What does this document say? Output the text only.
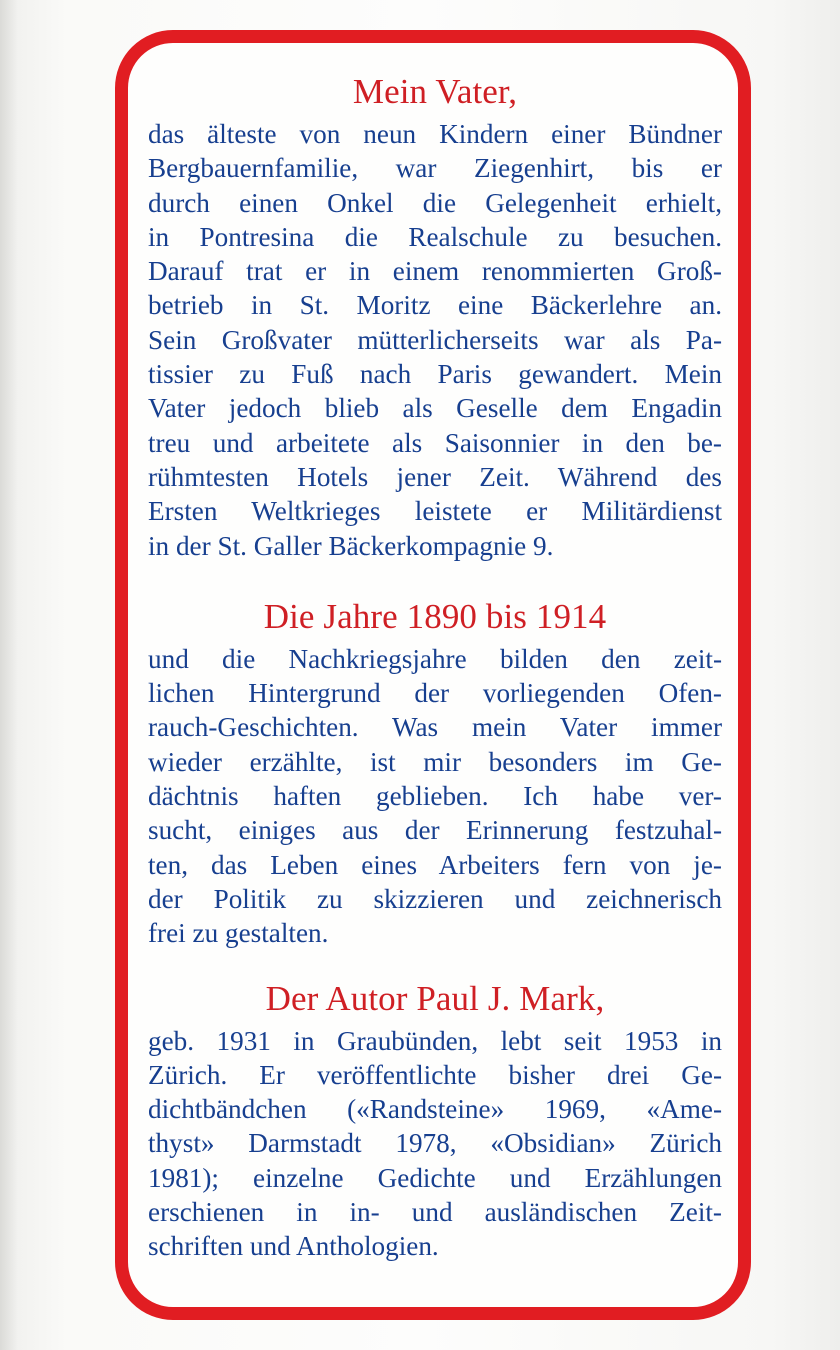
Mein Vater,
das älteste von neun Kindern einer Bündner
Bergbauernfamilie, war Ziegenhirt, bis er
durch einen Onkel die Gelegenheit erhielt,
in Pontresina die Realschule zu besuchen.
Darauf trat er in einem renommierten Groß-
betrieb in St. Moritz eine Bäckerlehre an.
Sein Großvater mütterlicherseits war als Pa-
tissier zu Fuß nach Paris gewandert. Mein
Vater jedoch blieb als Geselle dem Engadin
treu und arbeitete als Saisonnier in den be-
rühmtesten Hotels jener Zeit. Während des
Ersten Weltkrieges leistete er Militärdienst
in der St. Galler Bäckerkompagnie 9.
Die Jahre 1890 bis 1914
und die Nachkriegsjahre bilden den zeit-
lichen Hintergrund der vorliegenden Ofen-
rauch-Geschichten. Was mein Vater immer
wieder erzählte, ist mir besonders im Ge-
dächtnis haften geblieben. Ich habe ver-
sucht, einiges aus der Erinnerung festzuhal-
ten, das Leben eines Arbeiters fern von je-
der Politik zu skizzieren und zeichnerisch
frei zu gestalten.
Der Autor Paul J. Mark,
geb. 1931 in Graubünden, lebt seit 1953 in
Zürich. Er veröffentlichte bisher drei Ge-
dichtbändchen («Randsteine» 1969, «Ame-
thyst» Darmstadt 1978, «Obsidian» Zürich
1981); einzelne Gedichte und Erzählungen
erschienen in in- und ausländischen Zeit-
schriften und Anthologien.
